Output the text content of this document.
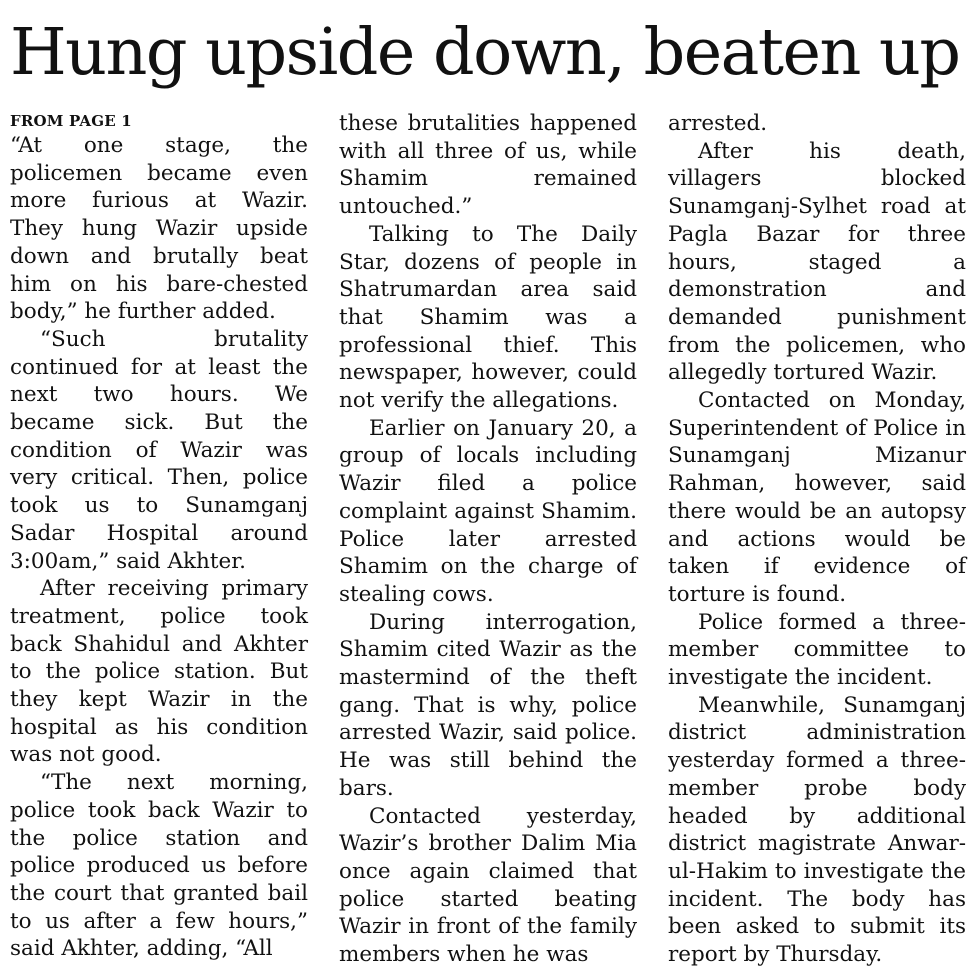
Hung upside down, beaten up
FROM PAGE 1

“At one stage, the policemen became even more furious at Wazir. They hung Wazir upside down and brutally beat him on his bare-chested body,” he further added.

“Such brutality continued for at least the next two hours. We became sick. But the condition of Wazir was very critical. Then, police took us to Sunamganj Sadar Hospital around 3:00am,” said Akhter.

After receiving primary treatment, police took back Shahidul and Akhter to the police station. But they kept Wazir in the hospital as his condition was not good.

“The next morning, police took back Wazir to the police station and police produced us before the court that granted bail to us after a few hours,” said Akhter, adding, “All

these brutalities happened with all three of us, while Shamim remained untouched.”

Talking to The Daily Star, dozens of people in Shatrumardan area said that Shamim was a professional thief. This newspaper, however, could not verify the allegations.

Earlier on January 20, a group of locals including Wazir filed a police complaint against Shamim. Police later arrested Shamim on the charge of stealing cows.

During interrogation, Shamim cited Wazir as the mastermind of the theft gang. That is why, police arrested Wazir, said police. He was still behind the bars.

Contacted yesterday, Wazir’s brother Dalim Mia once again claimed that police started beating Wazir in front of the family members when he was

arrested.

After his death, villagers blocked Sunamganj-Sylhet road at Pagla Bazar for three hours, staged a demonstration and demanded punishment from the policemen, who allegedly tortured Wazir.

Contacted on Monday, Superintendent of Police in Sunamganj Mizanur Rahman, however, said there would be an autopsy and actions would be taken if evidence of torture is found.

Police formed a three-member committee to investigate the incident.

Meanwhile, Sunamganj district administration yesterday formed a three-member probe body headed by additional district magistrate Anwar-ul-Hakim to investigate the incident. The body has been asked to submit its report by Thursday.
